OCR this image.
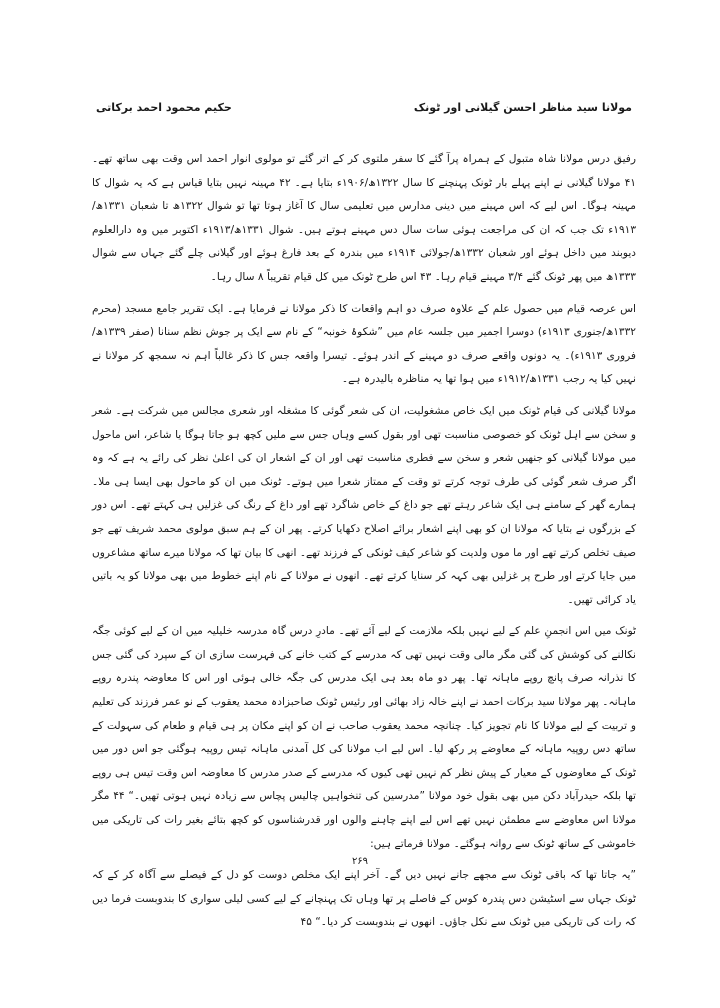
مولانا سید مناظر احسن گیلانی اور ٹونک
حکیم محمود احمد برکاتی

رفیق درس مولانا شاہ متبول کے ہمراہ پرآ گئے کا سفر ملتوی کر کے اتر گئے تو مولوی انوار احمد اس وقت بھی ساتھ تھے۔ ۴۱ مولانا گیلانی نے اپنے پہلے بار ٹونک پہنچنے کا سال ۱۳۲۲ھ/۱۹۰۶ء بتایا ہے۔ ۴۲ مہینہ نہیں بتایا قیاس ہے کہ یہ شوال کا مہینہ ہوگا۔ اس لیے کہ اس مہینے میں دینی مدارس میں تعلیمی سال کا آغاز ہوتا تھا تو شوال ۱۳۲۲ھ تا شعبان ۱۳۳۱ھ/۱۹۱۳ء تک جب کہ ان کی مراجعت ہوئی سات سال دس مہینے ہوتے ہیں۔ شوال ۱۳۳۱ھ/۱۹۱۳ء اکتوبر میں وہ دارالعلوم دیوبند میں داخل ہوئے اور شعبان ۱۳۳۲ھ/جولائی ۱۹۱۴ء میں بندرہ کے بعد فارغ ہوئے اور گیلانی چلے گئے جہاں سے شوال ۱۳۳۳ھ میں پھر ٹونک گئے ۳/۴ مہینے قیام رہا۔ ۴۳ اس طرح ٹونک میں کل قیام تقریباً ۸ سال رہا۔

اس عرصہ قیام میں حصول علم کے علاوہ صرف دو اہم واقعات کا ذکر مولانا نے فرمایا ہے۔ ایک تقریر جامع مسجد (محرم ۱۳۳۲ھ/جنوری ۱۹۱۳ء) دوسرا اجمیر میں جلسہ عام میں ”شکوۂ خونبہ“ کے نام سے ایک پر جوش نظم سنانا (صفر ۱۳۳۹ھ/فروری ۱۹۱۳ء)۔ یہ دونوں واقعے صرف دو مہینے کے اندر ہوئے۔ تیسرا واقعہ جس کا ذکر غالباً اہم نہ سمجھ کر مولانا نے نہیں کیا یہ رجب ۱۳۳۱ھ/۱۹۱۲ء میں ہوا تھا یہ مناظرہ بالیدرہ ہے۔

مولانا گیلانی کی قیام ٹونک میں ایک خاص مشغولیت، ان کی شعر گوئی کا مشغلہ اور شعری مجالس میں شرکت ہے۔ شعر و سخن سے اہل ٹونک کو خصوصی مناسبت تھی اور بقول کسے وہاں جس سے ملیں کچھ ہو جاتا ہوگا یا شاعر، اس ماحول میں مولانا گیلانی کو جنھیں شعر و سخن سے فطری مناسبت تھی اور ان کے اشعار ان کی اعلیٰ نظر کی رائے یہ ہے کہ وہ اگر صرف شعر گوئی کی طرف توجہ کرتے تو وقت کے ممتاز شعرا میں ہوتے۔ ٹونک میں ان کو ماحول بھی ایسا ہی ملا۔ ہمارے گھر کے سامنے ہی ایک شاعر رہتے تھے جو داغ کے خاص شاگرد تھے اور داغ کے رنگ کی غزلیں ہی کہتے تھے۔ اس دور کے بزرگوں نے بتایا کہ مولانا ان کو بھی اپنے اشعار برائے اصلاح دکھایا کرتے۔ پھر ان کے ہم سبق مولوی محمد شریف تھے جو صیف تخلص کرتے تھے اور ما موں ولدیت کو شاعر کیف ٹونکی کے فرزند تھے۔ انھی کا بیان تھا کہ مولانا میرے ساتھ مشاعروں میں جایا کرتے اور طرح پر غزلیں بھی کہہ کر سنایا کرتے تھے۔ انھوں نے مولانا کے نام اپنے خطوط میں بھی مولانا کو یہ باتیں یاد کرائی تھیں۔

ٹونک میں اس انجمنِ علم کے لیے نہیں بلکہ ملازمت کے لیے آئے تھے۔ مادرِ درس گاہ مدرسہ خلیلیہ میں ان کے لیے کوئی جگہ نکالنے کی کوشش کی گئی مگر مالی وقت نہیں تھی کہ مدرسے کے کتب خانے کی فہرست سازی ان کے سپرد کی گئی جس کا نذرانہ صرف پانچ روپے ماہانہ تھا۔ پھر دو ماہ بعد ہی ایک مدرس کی جگہ خالی ہوئی اور اس کا معاوضہ پندرہ روپے ماہانہ۔ پھر مولانا سید برکات احمد نے اپنے خالہ زاد بھائی اور رئیس ٹونک صاحبزادہ محمد یعقوب کے نو عمر فرزند کی تعلیم و تربیت کے لیے مولانا کا نام تجویز کیا۔ چنانچہ محمد یعقوب صاحب نے ان کو اپنے مکان پر ہی قیام و طعام کی سہولت کے ساتھ دس روپیہ ماہانہ کے معاوضے پر رکھ لیا۔ اس لیے اب مولانا کی کل آمدنی ماہانہ تیس روپیہ ہوگئی جو اس دور میں ٹونک کے معاوضوں کے معیار کے پیش نظر کم نہیں تھی کیوں کہ مدرسے کے صدر مدرس کا معاوضہ اس وقت تیس ہی روپے تھا بلکہ حیدرآباد دکن میں بھی بقول خود مولانا ”مدرسین کی تنخواہیں چالیس پچاس سے زیادہ نہیں ہوتی تھیں۔“ ۴۴ مگر مولانا اس معاوضے سے مطمئن نہیں تھے اس لیے اپنے چاہنے والوں اور قدرشناسوں کو کچھ بتائے بغیر رات کی تاریکی میں خاموشی کے ساتھ ٹونک سے روانہ ہوگئے۔ مولانا فرماتے ہیں:

”یہ جاتا تھا کہ باقی ٹونک سے مجھے جانے نہیں دیں گے۔ آخر اپنے ایک مخلص دوست کو دل کے فیصلے سے آگاہ کر کے کہ ٹونک جہاں سے اسٹیشن دس پندرہ کوس کے فاصلے پر تھا وہاں تک پہنچانے کے لیے کسی لیلی سواری کا بندوبست فرما دیں کہ رات کی تاریکی میں ٹونک سے نکل جاؤں۔ انھوں نے بندوبست کر دیا۔“ ۴۵

۲۶۹
